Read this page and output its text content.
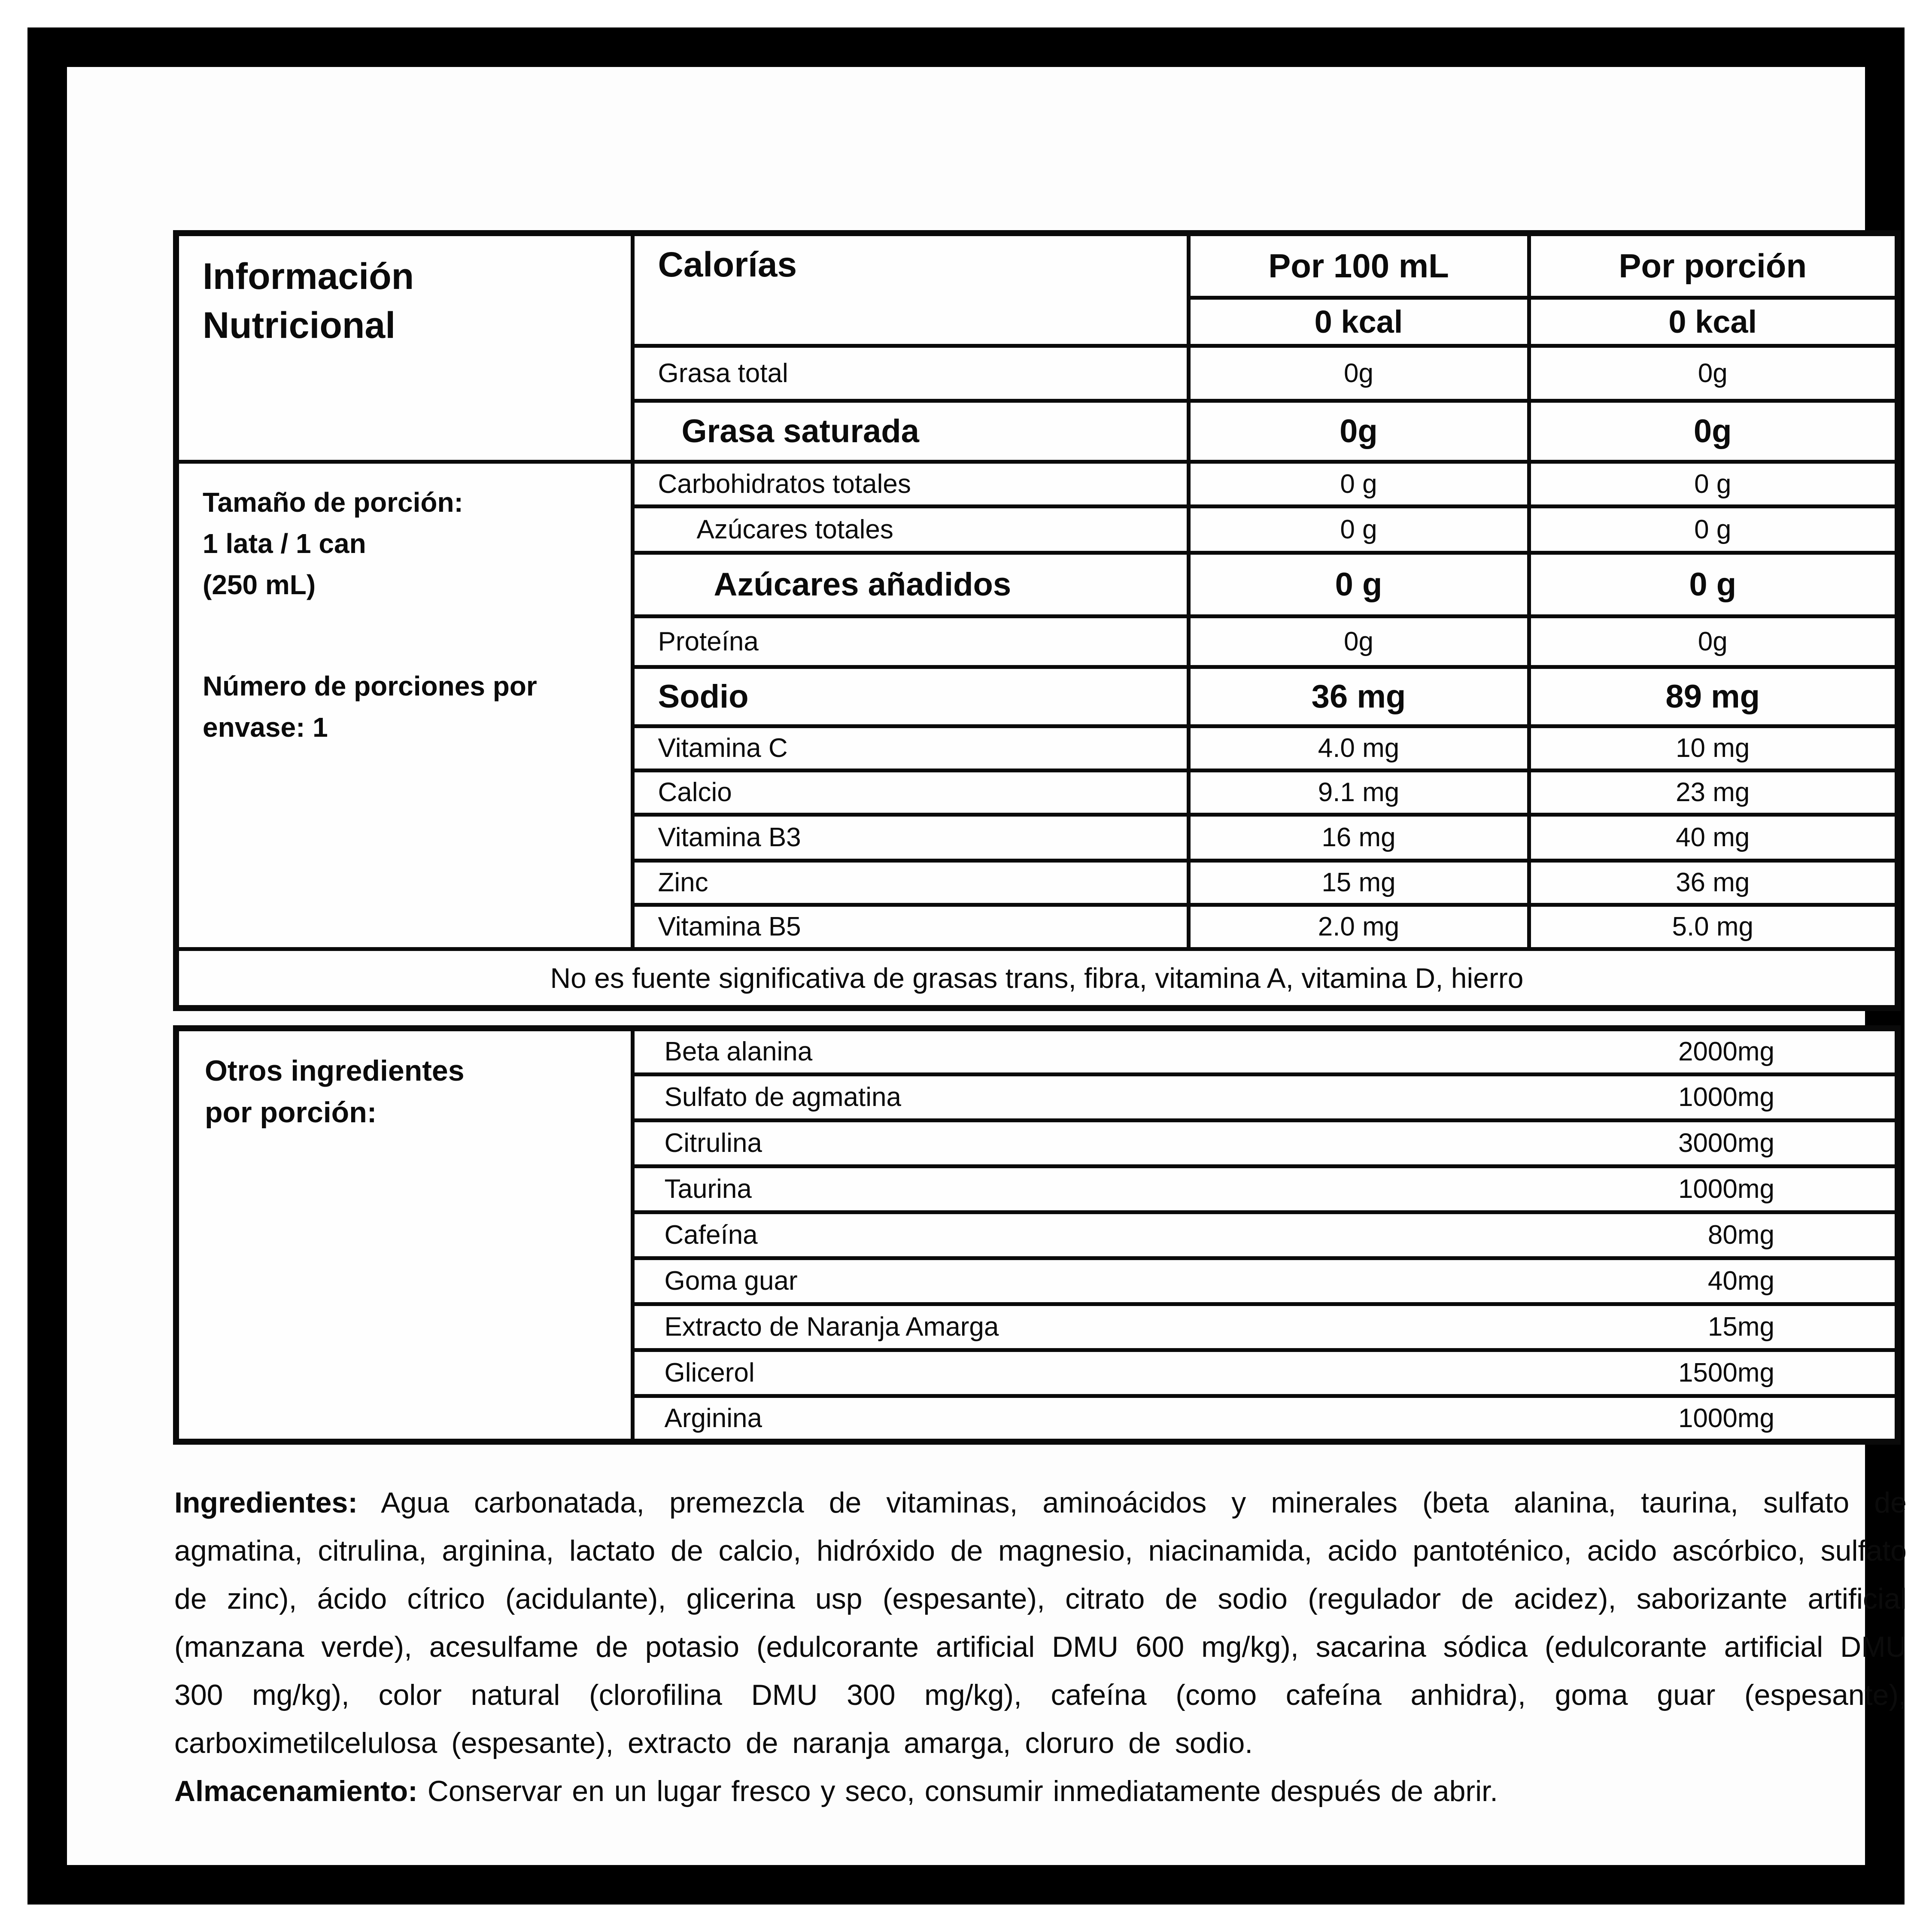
Información Nutricional	Calorías	Por 100 mL	Por porción
		0 kcal	0 kcal
	Grasa total	0g	0g
	Grasa saturada	0g	0g

Tamaño de porción:
1 lata / 1 can
(250 mL)
Número de porciones por envase: 1	Carbohidratos totales	0 g	0 g
	Azúcares totales	0 g	0 g
	Azúcares añadidos	0 g	0 g
	Proteína	0g	0g
	Sodio	36 mg	89 mg
	Vitamina C	4.0 mg	10 mg
	Calcio	9.1 mg	23 mg
	Vitamina B3	16 mg	40 mg
	Zinc	15 mg	36 mg
	Vitamina B5	2.0 mg	5.0 mg
No es fuente significativa de grasas trans, fibra, vitamina A, vitamina D, hierro			
Otros ingredientes
por porción:

Beta alanina	2000mg

Sulfato de agmatina	1000mg

Citrulina	3000mg

Taurina	1000mg

Cafeína	80mg

Goma guar	40mg

Extracto de Naranja Amarga	15mg

Glicerol	1500mg

Arginina	1000mg

Ingredientes: Agua carbonatada, premezcla de vitaminas, aminoácidos y minerales (beta alanina, taurina, sulfato de agmatina, citrulina, arginina, lactato de calcio, hidróxido de magnesio, niacinamida, acido pantoténico, acido ascórbico, sulfato de zinc), ácido cítrico (acidulante), glicerina usp (espesante), citrato de sodio (regulador de acidez), saborizante artificial (manzana verde), acesulfame de potasio (edulcorante artificial DMU 600 mg/kg), sacarina sódica (edulcorante artificial DMU 300 mg/kg), color natural (clorofilina DMU 300 mg/kg), cafeína (como cafeína anhidra), goma guar (espesante), carboximetilcelulosa (espesante), extracto de naranja amarga, cloruro de sodio.

Almacenamiento: Conservar en un lugar fresco y seco, consumir inmediatamente después de abrir.
